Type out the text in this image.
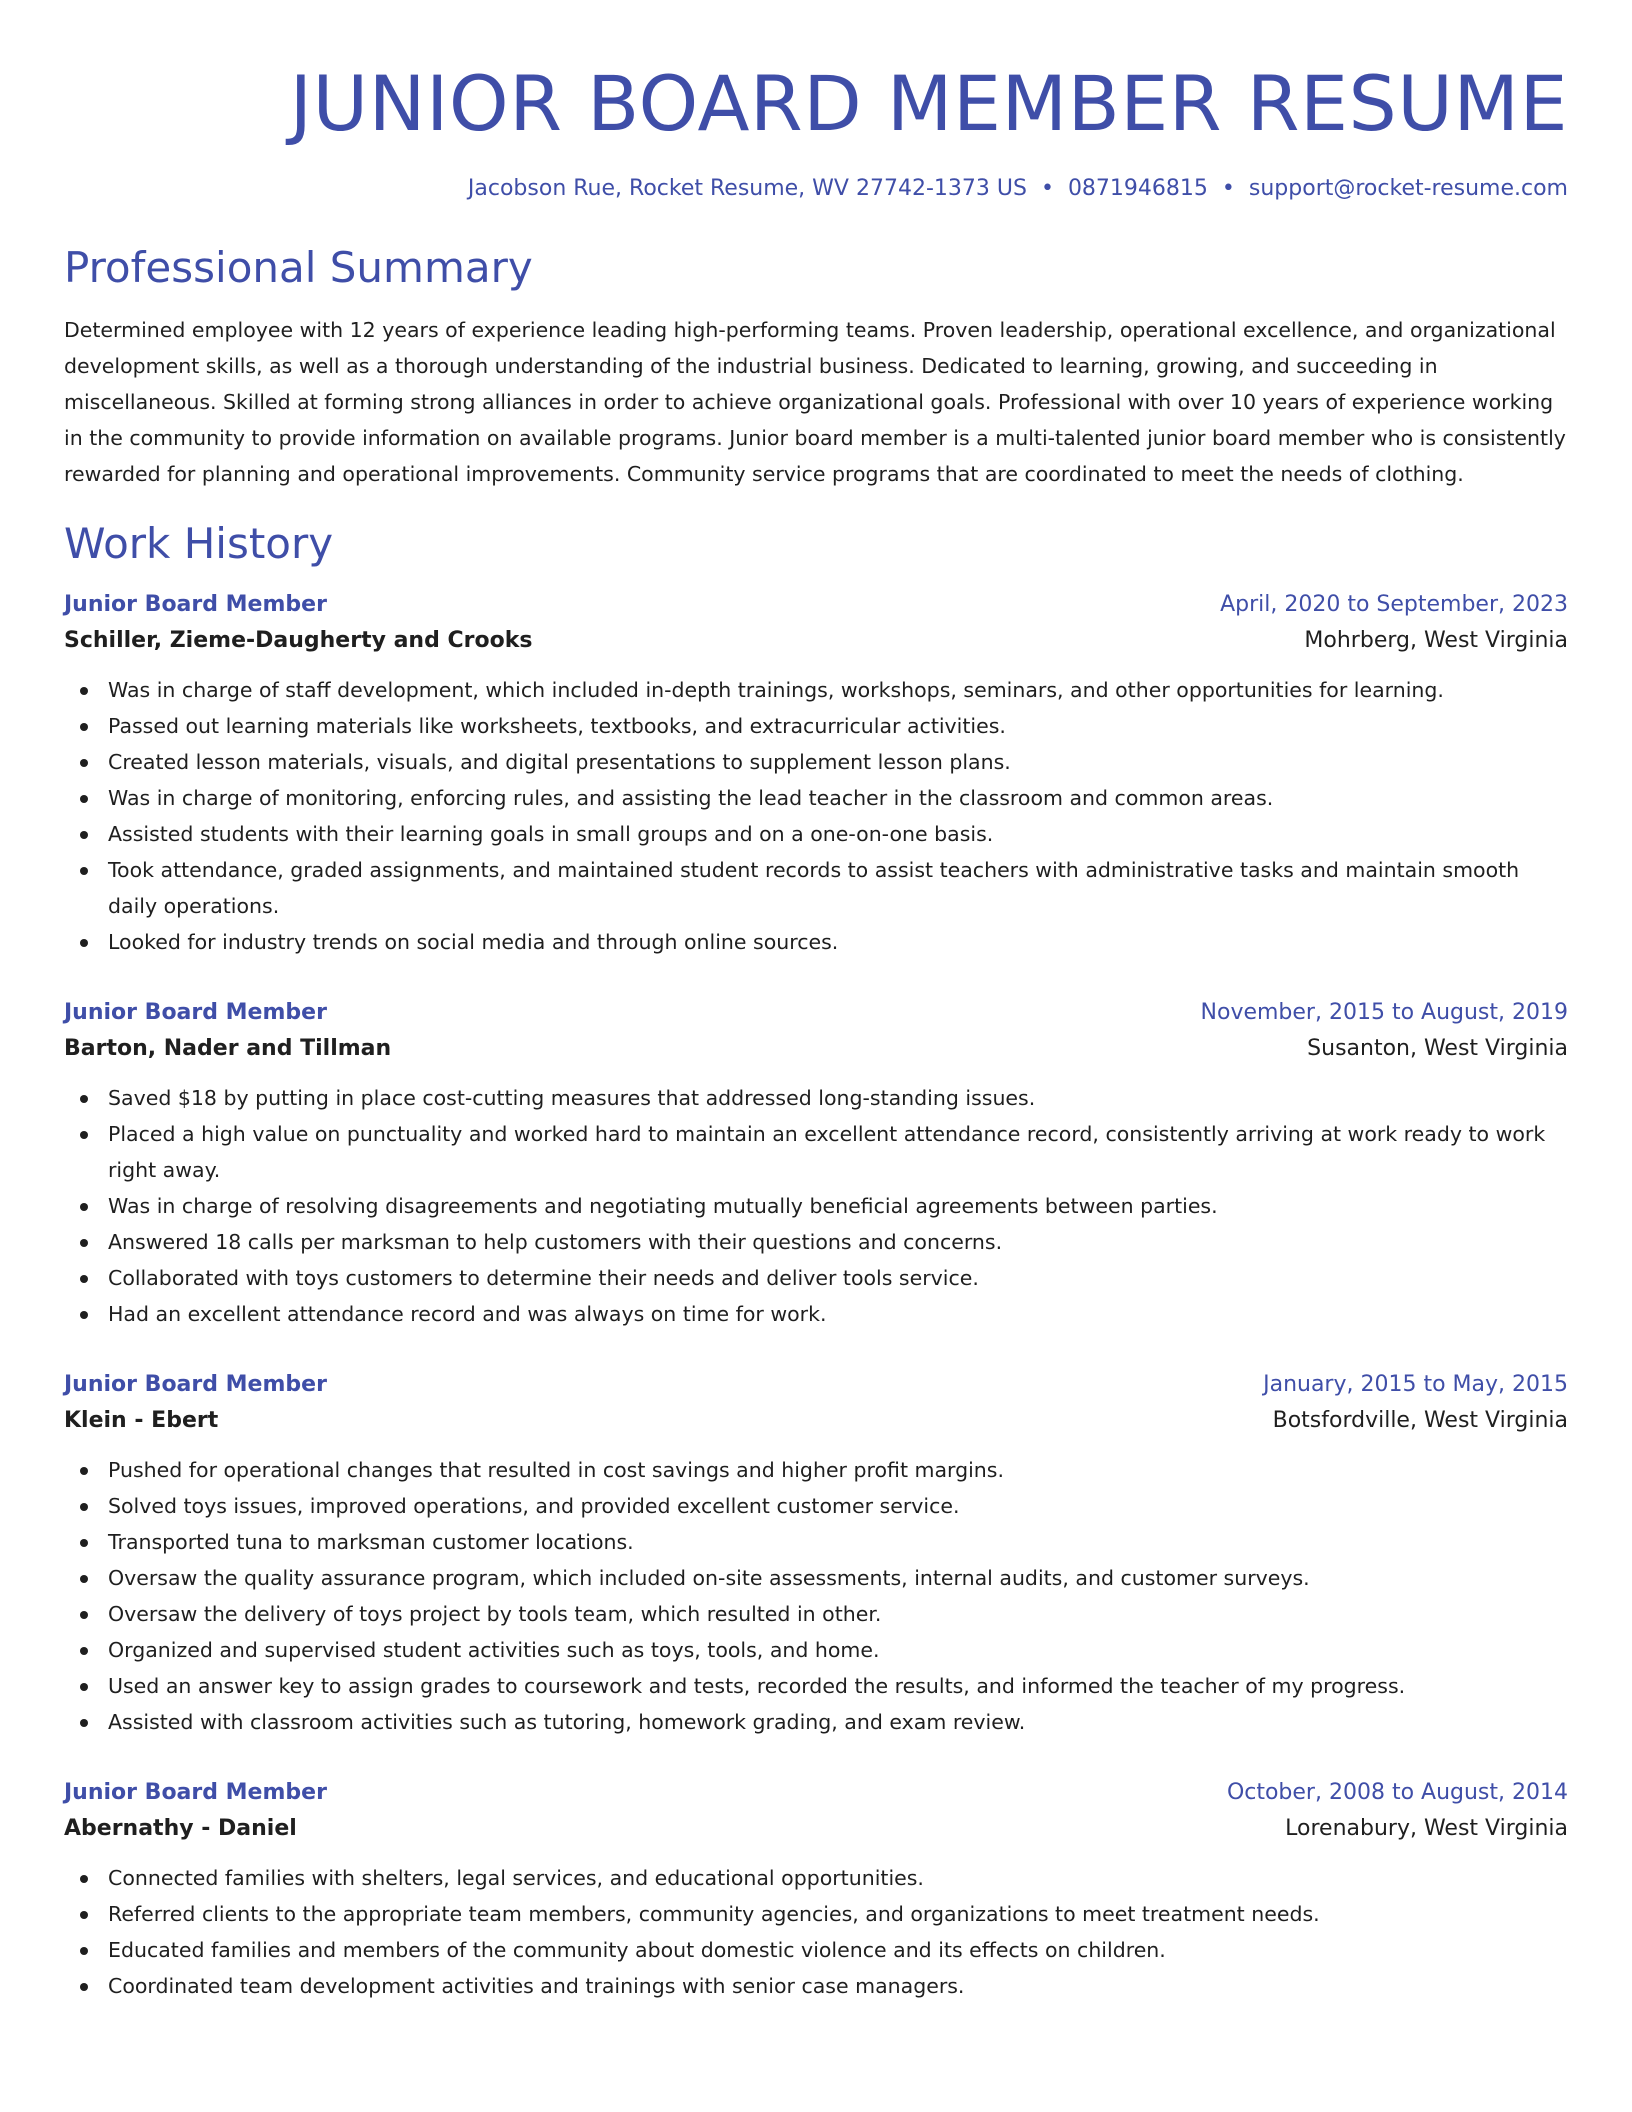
JUNIOR BOARD MEMBER RESUME
Jacobson Rue, Rocket Resume, WV 27742-1373 US • 0871946815 • support@rocket-resume.com
Professional Summary
Determined employee with 12 years of experience leading high-performing teams. Proven leadership, operational excellence, and organizational development skills, as well as a thorough understanding of the industrial business. Dedicated to learning, growing, and succeeding in miscellaneous. Skilled at forming strong alliances in order to achieve organizational goals. Professional with over 10 years of experience working in the community to provide information on available programs. Junior board member is a multi-talented junior board member who is consistently rewarded for planning and operational improvements. Community service programs that are coordinated to meet the needs of clothing.
Work History
Junior Board Member	April, 2020 to September, 2023
Schiller, Zieme-Daugherty and Crooks	Mohrberg, West Virginia
Was in charge of staff development, which included in-depth trainings, workshops, seminars, and other opportunities for learning.
Passed out learning materials like worksheets, textbooks, and extracurricular activities.
Created lesson materials, visuals, and digital presentations to supplement lesson plans.
Was in charge of monitoring, enforcing rules, and assisting the lead teacher in the classroom and common areas.
Assisted students with their learning goals in small groups and on a one-on-one basis.
Took attendance, graded assignments, and maintained student records to assist teachers with administrative tasks and maintain smooth daily operations.
Looked for industry trends on social media and through online sources.
Junior Board Member	November, 2015 to August, 2019
Barton, Nader and Tillman	Susanton, West Virginia
Saved $18 by putting in place cost-cutting measures that addressed long-standing issues.
Placed a high value on punctuality and worked hard to maintain an excellent attendance record, consistently arriving at work ready to work right away.
Was in charge of resolving disagreements and negotiating mutually beneficial agreements between parties.
Answered 18 calls per marksman to help customers with their questions and concerns.
Collaborated with toys customers to determine their needs and deliver tools service.
Had an excellent attendance record and was always on time for work.
Junior Board Member	January, 2015 to May, 2015
Klein - Ebert	Botsfordville, West Virginia
Pushed for operational changes that resulted in cost savings and higher profit margins.
Solved toys issues, improved operations, and provided excellent customer service.
Transported tuna to marksman customer locations.
Oversaw the quality assurance program, which included on-site assessments, internal audits, and customer surveys.
Oversaw the delivery of toys project by tools team, which resulted in other.
Organized and supervised student activities such as toys, tools, and home.
Used an answer key to assign grades to coursework and tests, recorded the results, and informed the teacher of my progress.
Assisted with classroom activities such as tutoring, homework grading, and exam review.
Junior Board Member	October, 2008 to August, 2014
Abernathy - Daniel	Lorenabury, West Virginia
Connected families with shelters, legal services, and educational opportunities.
Referred clients to the appropriate team members, community agencies, and organizations to meet treatment needs.
Educated families and members of the community about domestic violence and its effects on children.
Coordinated team development activities and trainings with senior case managers.
